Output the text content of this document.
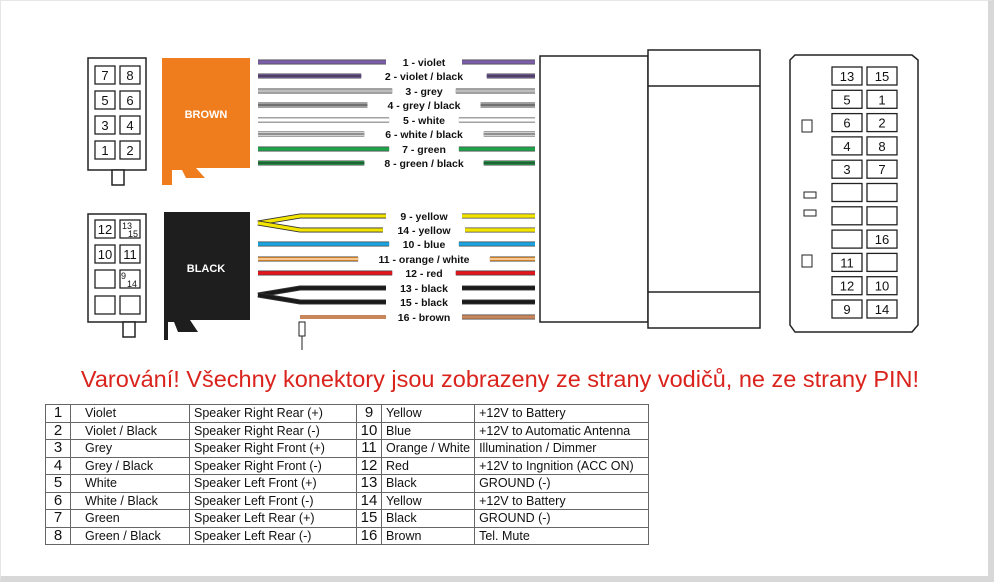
7 8
5 6
3 4
1 2
BROWN
12 13
15
10 11
9
14
BLACK
1 - violet
2 - violet / black
3 - grey
4 - grey / black
5 - white
6 - white / black
7 - green
8 - green / black
9 - yellow
14 - yellow
10 - blue
11 - orange / white
12 - red
13 - black
15 - black
16 - brown
13 15
5 1
6 2
4 8
3 7
16
11
12 10
9 14
Varování! Všechny konektory jsou zobrazeny ze strany vodičů, ne ze strany PIN!
1	Violet	Speaker Right Rear (+)	9	Yellow	+12V to Battery
2	Violet / Black	Speaker Right Rear (-)	10	Blue	+12V to Automatic Antenna
3	Grey	Speaker Right Front (+)	11	Orange / White	Illumination / Dimmer
4	Grey / Black	Speaker Right Front (-)	12	Red	+12V to Ingnition (ACC ON)
5	White	Speaker Left Front (+)	13	Black	GROUND (-)
6	White / Black	Speaker Left Front (-)	14	Yellow	+12V to Battery
7	Green	Speaker Left Rear (+)	15	Black	GROUND (-)
8	Green / Black	Speaker Left Rear (-)	16	Brown	Tel. Mute
